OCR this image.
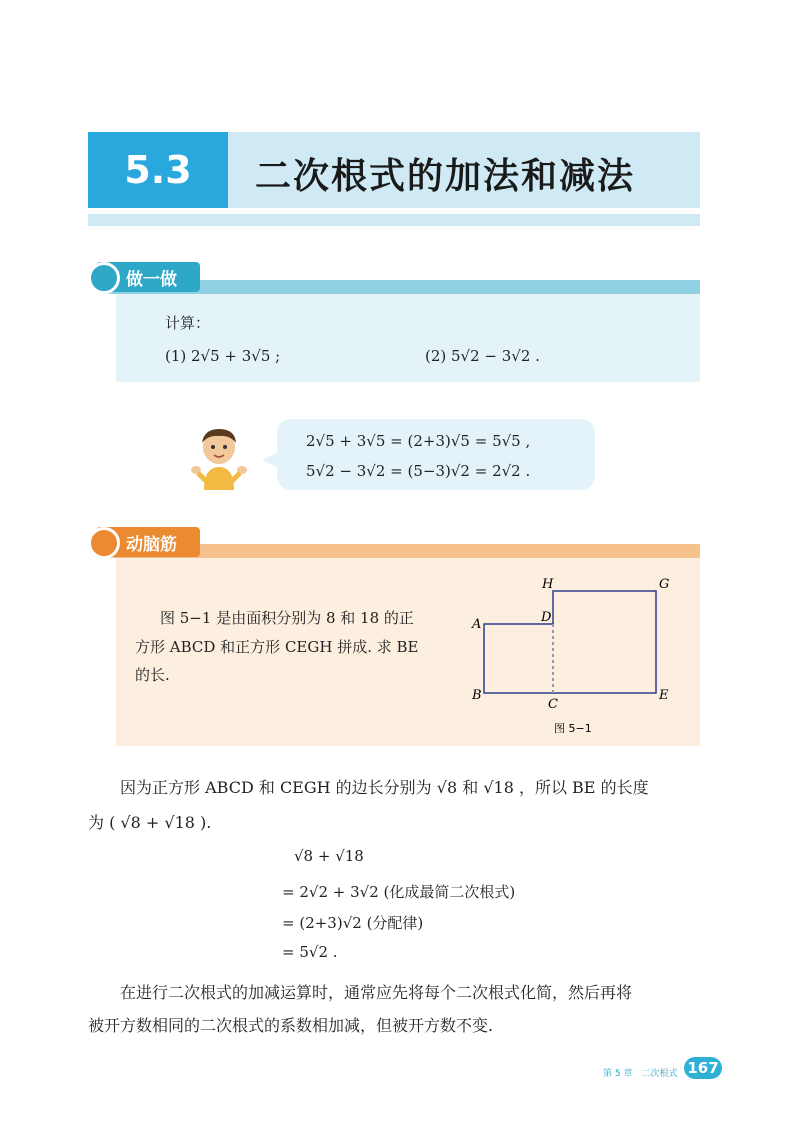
5.3	二次根式的加法和减法
做一做
计算：
(1) 2√5 + 3√5 ;	(2) 5√2 − 3√2 .
2√5 + 3√5 = (2+3)√5 = 5√5 ,
5√2 − 3√2 = (5−3)√2 = 2√2 .
动脑筋
图 5−1 是由面积分别为 8 和 18 的正
方形 ABCD 和正方形 CEGH 拼成. 求 BE
的长.
A
B
C
D
E
G
H
图 5−1
因为正方形 ABCD 和 CEGH 的边长分别为 √8 和 √18 ，所以 BE 的长度
为 ( √8 + √18 ).
√8 + √18
= 2√2 + 3√2 (化成最简二次根式)
= (2+3)√2 (分配律)
= 5√2 .
在进行二次根式的加减运算时，通常应先将每个二次根式化简，然后再将
被开方数相同的二次根式的系数相加减，但被开方数不变.
第 5 章　二次根式 167
